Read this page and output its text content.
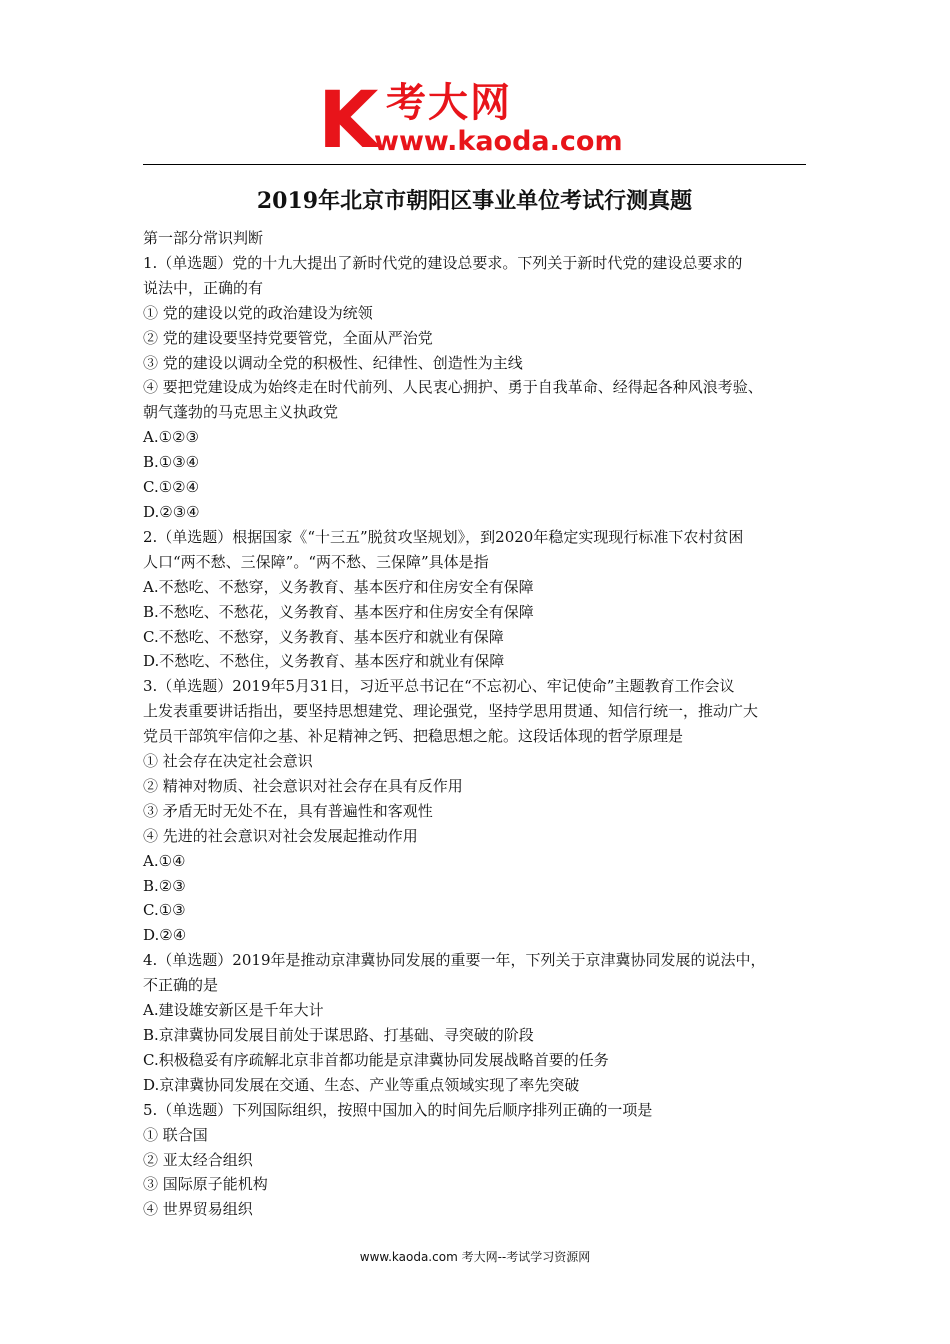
K 考大网
www.kaoda.com
2019年北京市朝阳区事业单位考试行测真题
第一部分常识判断
1.（单选题）党的十九大提出了新时代党的建设总要求。下列关于新时代党的建设总要求的
说法中，正确的有
① 党的建设以党的政治建设为统领
② 党的建设要坚持党要管党，全面从严治党
③ 党的建设以调动全党的积极性、纪律性、创造性为主线
④ 要把党建设成为始终走在时代前列、人民衷心拥护、勇于自我革命、经得起各种风浪考验、
朝气蓬勃的马克思主义执政党
A.①②③
B.①③④
C.①②④
D.②③④
2.（单选题）根据国家《“十三五”脱贫攻坚规划》，到2020年稳定实现现行标准下农村贫困
人口“两不愁、三保障”。“两不愁、三保障”具体是指
A.不愁吃、不愁穿，义务教育、基本医疗和住房安全有保障
B.不愁吃、不愁花，义务教育、基本医疗和住房安全有保障
C.不愁吃、不愁穿，义务教育、基本医疗和就业有保障
D.不愁吃、不愁住，义务教育、基本医疗和就业有保障
3.（单选题）2019年5月31日，习近平总书记在“不忘初心、牢记使命”主题教育工作会议
上发表重要讲话指出，要坚持思想建党、理论强党，坚持学思用贯通、知信行统一，推动广大
党员干部筑牢信仰之基、补足精神之钙、把稳思想之舵。这段话体现的哲学原理是
① 社会存在决定社会意识
② 精神对物质、社会意识对社会存在具有反作用
③ 矛盾无时无处不在，具有普遍性和客观性
④ 先进的社会意识对社会发展起推动作用
A.①④
B.②③
C.①③
D.②④
4.（单选题）2019年是推动京津冀协同发展的重要一年，下列关于京津冀协同发展的说法中，
不正确的是
A.建设雄安新区是千年大计
B.京津冀协同发展目前处于谋思路、打基础、寻突破的阶段
C.积极稳妥有序疏解北京非首都功能是京津冀协同发展战略首要的任务
D.京津冀协同发展在交通、生态、产业等重点领域实现了率先突破
5.（单选题）下列国际组织，按照中国加入的时间先后顺序排列正确的一项是
① 联合国
② 亚太经合组织
③ 国际原子能机构
④ 世界贸易组织
www.kaoda.com 考大网--考试学习资源网
